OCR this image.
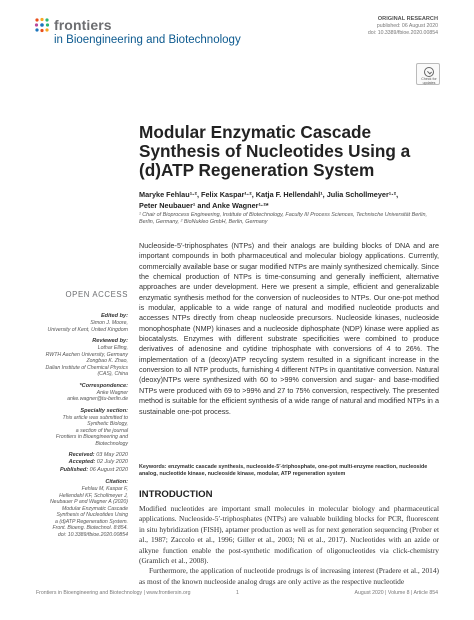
frontiers
in Bioengineering and Biotechnology
ORIGINAL RESEARCH
published: 06 August 2020
doi: 10.3389/fbioe.2020.00854
Check for updates
Modular Enzymatic Cascade Synthesis of Nucleotides Using a (d)ATP Regeneration System
Maryke Fehlau¹·², Felix Kaspar¹·², Katja F. Hellendahl¹, Julia Schollmeyer¹·²,
Peter Neubauer¹ and Anke Wagner¹·²*
¹ Chair of Bioprocess Engineering, Institute of Biotechnology, Faculty III Process Sciences, Technische Universität Berlin, Berlin, Germany, ² BioNukleo GmbH, Berlin, Germany
OPEN ACCESS
Edited by:
Simon J. Moore,
University of Kent, United Kingdom
Reviewed by:
Lothar Elling,
RWTH Aachen University, Germany
Zongbao K. Zhao,
Dalian Institute of Chemical Physics
(CAS), China
*Correspondence:
Anke Wagner
anke.wagner@tu-berlin.de
Specialty section:
This article was submitted to
Synthetic Biology,
a section of the journal
Frontiers in Bioengineering and
Biotechnology
Received: 03 May 2020
Accepted: 02 July 2020
Published: 06 August 2020
Citation:
Fehlau M, Kaspar F,
Hellendahl KF, Schollmeyer J,
Neubauer P and Wagner A (2020)
Modular Enzymatic Cascade
Synthesis of Nucleotides Using
a (d)ATP Regeneration System.
Front. Bioeng. Biotechnol. 8:854.
doi: 10.3389/fbioe.2020.00854
Nucleoside-5′-triphosphates (NTPs) and their analogs are building blocks of DNA and are important compounds in both pharmaceutical and molecular biology applications. Currently, commercially available base or sugar modified NTPs are mainly synthesized chemically. Since the chemical production of NTPs is time-consuming and generally inefficient, alternative approaches are under development. Here we present a simple, efficient and generalizable enzymatic synthesis method for the conversion of nucleosides to NTPs. Our one-pot method is modular, applicable to a wide range of natural and modified nucleotide products and accesses NTPs directly from cheap nucleoside precursors. Nucleoside kinases, nucleoside monophosphate (NMP) kinases and a nucleoside diphosphate (NDP) kinase were applied as biocatalysts. Enzymes with different substrate specificities were combined to produce derivatives of adenosine and cytidine triphosphate with conversions of 4 to 26%. The implementation of a (deoxy)ATP recycling system resulted in a significant increase in the conversion to all NTP products, furnishing 4 different NTPs in quantitative conversion. Natural (deoxy)NTPs were synthesized with 60 to >99% conversion and sugar- and base-modified NTPs were produced with 69 to >99% and 27 to 75% conversion, respectively. The presented method is suitable for the efficient synthesis of a wide range of natural and modified NTPs in a sustainable one-pot process.
Keywords: enzymatic cascade synthesis, nucleoside-5′-triphosphate, one-pot multi-enzyme reaction, nucleoside analog, nucleotide kinase, nucleoside kinase, modular, ATP regeneration system
INTRODUCTION

Modified nucleotides are important small molecules in molecular biology and pharmaceutical applications. Nucleoside-5′-triphosphates (NTPs) are valuable building blocks for PCR, fluorescent in situ hybridization (FISH), aptamer production as well as for next generation sequencing (Prober et al., 1987; Zaccolo et al., 1996; Giller et al., 2003; Ni et al., 2017). Nucleotides with an azide or alkyne function enable the post-synthetic modification of oligonucleotides via click-chemistry (Gramlich et al., 2008).

Furthermore, the application of nucleotide prodrugs is of increasing interest (Pradere et al., 2014) as most of the known nucleoside analog drugs are only active as the respective nucleotide

Frontiers in Bioengineering and Biotechnology | www.frontiersin.org	1	August 2020 | Volume 8 | Article 854
